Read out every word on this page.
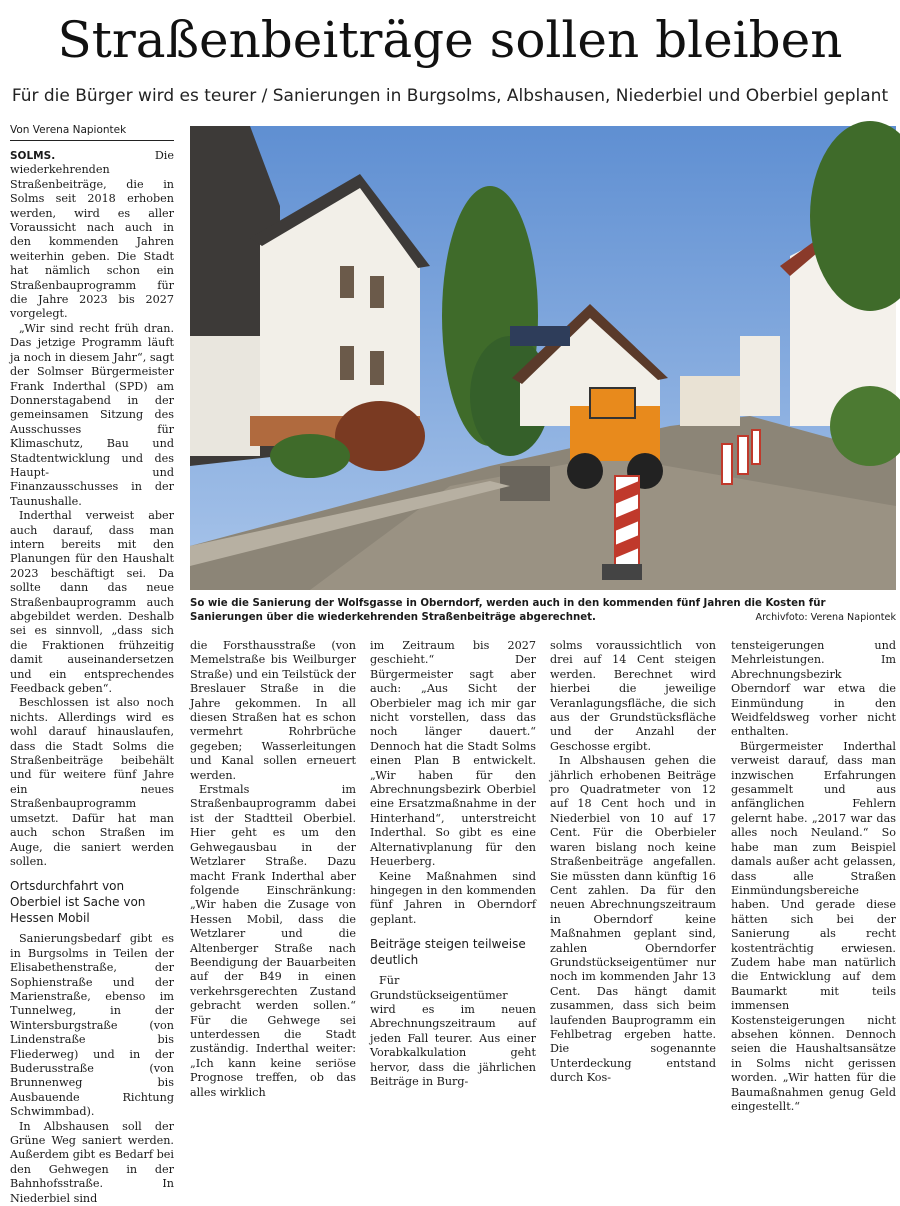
Straßenbeiträge sollen bleiben
Für die Bürger wird es teurer / Sanierungen in Burgsolms, Albshausen, Niederbiel und Oberbiel geplant
Von Verena Napiontek

SOLMS.	Die wiederkehrenden Straßenbeiträge, die in Solms seit 2018 erhoben werden, wird es aller Voraussicht nach auch in den kommenden Jahren weiterhin geben. Die Stadt hat nämlich schon ein Straßenbauprogramm für die Jahre 2023 bis 2027 vorgelegt.

„Wir sind recht früh dran. Das jetzige Programm läuft ja noch in diesem Jahr“, sagt der Solmser Bürgermeister Frank Inderthal (SPD) am Donnerstagabend in der gemeinsamen Sitzung des Ausschusses für Klimaschutz, Bau und Stadtentwicklung und des Haupt- und Finanzausschusses in der Taunushalle.

Inderthal verweist aber auch darauf, dass man intern bereits mit den Planungen für den Haushalt 2023 beschäftigt sei. Da sollte dann das neue Straßenbauprogramm auch abgebildet werden. Deshalb sei es sinnvoll, „dass sich die Fraktionen frühzeitig damit auseinandersetzen und ein entsprechendes Feedback geben“.

Beschlossen ist also noch nichts. Allerdings wird es wohl darauf hinauslaufen, dass die Stadt Solms die Straßenbeiträge beibehält und für weitere fünf Jahre ein neues Straßenbauprogramm umsetzt. Dafür hat man auch schon Straßen im Auge, die saniert werden sollen.

Ortsdurchfahrt von Oberbiel ist Sache von Hessen Mobil

Sanierungsbedarf gibt es in Burgsolms in Teilen der Elisabethenstraße, der Sophienstraße und der Marienstraße, ebenso im Tunnelweg, in der Wintersburgstraße (von Lindenstraße bis Fliederweg) und in der Buderusstraße (von Brunnenweg bis Ausbauende Richtung Schwimmbad).

In Albshausen soll der Grüne Weg saniert werden. Außerdem gibt es Bedarf bei den Gehwegen in der Bahnhofsstraße. In Niederbiel sind

So wie die Sanierung der Wolfsgasse in Oberndorf, werden auch in den kommenden fünf Jahren die Kosten für Sanierungen über die wiederkehrenden Straßenbeiträge abgerechnet.	Archivfoto: Verena Napiontek

die Forsthausstraße (von Memelstraße bis Weilburger Straße) und ein Teilstück der Breslauer Straße in die Jahre gekommen. In all diesen Straßen hat es schon vermehrt Rohrbrüche gegeben; Wasserleitungen und Kanal sollen erneuert werden.

Erstmals im Straßenbauprogramm dabei ist der Stadtteil Oberbiel. Hier geht es um den Gehwegausbau in der Wetzlarer Straße. Dazu macht Frank Inderthal aber folgende Einschränkung: „Wir haben die Zusage von Hessen Mobil, dass die Wetzlarer und die Altenberger Straße nach Beendigung der Bauarbeiten auf der B49 in einen verkehrsgerechten Zustand gebracht werden sollen.“ Für die Gehwege sei unterdessen die Stadt zuständig. Inderthal weiter: „Ich kann keine seriöse Prognose treffen, ob das alles wirklich

im Zeitraum bis 2027 geschieht.“ Der Bürgermeister sagt aber auch: „Aus Sicht der Oberbieler mag ich mir gar nicht vorstellen, dass das noch länger dauert.“ Dennoch hat die Stadt Solms einen Plan B entwickelt. „Wir haben für den Abrechnungsbezirk Oberbiel eine Ersatzmaßnahme in der Hinterhand“, unterstreicht Inderthal. So gibt es eine Alternativplanung für den Heuerberg.

Keine Maßnahmen sind hingegen in den kommenden fünf Jahren in Oberndorf geplant.

Beiträge steigen teilweise deutlich

Für Grundstückseigentümer wird es im neuen Abrechnungszeitraum auf jeden Fall teurer. Aus einer Vorabkalkulation geht hervor, dass die jährlichen Beiträge in Burg-

solms voraussichtlich von drei auf 14 Cent steigen werden. Berechnet wird hierbei die jeweilige Veranlagungsfläche, die sich aus der Grundstücksfläche und der Anzahl der Geschosse ergibt.

In Albshausen gehen die jährlich erhobenen Beiträge pro Quadratmeter von 12 auf 18 Cent hoch und in Niederbiel von 10 auf 17 Cent. Für die Oberbieler waren bislang noch keine Straßenbeiträge angefallen. Sie müssten dann künftig 16 Cent zahlen. Da für den neuen Abrechnungszeitraum in Oberndorf keine Maßnahmen geplant sind, zahlen Oberndorfer Grundstückseigentümer nur noch im kommenden Jahr 13 Cent. Das hängt damit zusammen, dass sich beim laufenden Bauprogramm ein Fehlbetrag ergeben hatte. Die sogenannte Unterdeckung entstand durch Kos-

tensteigerungen und Mehrleistungen. Im Abrechnungsbezirk Oberndorf war etwa die Einmündung in den Weidfeldsweg vorher nicht enthalten.

Bürgermeister Inderthal verweist darauf, dass man inzwischen Erfahrungen gesammelt und aus anfänglichen Fehlern gelernt habe. „2017 war das alles noch Neuland.“ So habe man zum Beispiel damals außer acht gelassen, dass alle Straßen Einmündungsbereiche haben. Und gerade diese hätten sich bei der Sanierung als recht kostenträchtig erwiesen. Zudem habe man natürlich die Entwicklung auf dem Baumarkt mit teils immensen Kostensteigerungen nicht absehen können. Dennoch seien die Haushaltsansätze in Solms nicht gerissen worden. „Wir hatten für die Baumaßnahmen genug Geld eingestellt.“
